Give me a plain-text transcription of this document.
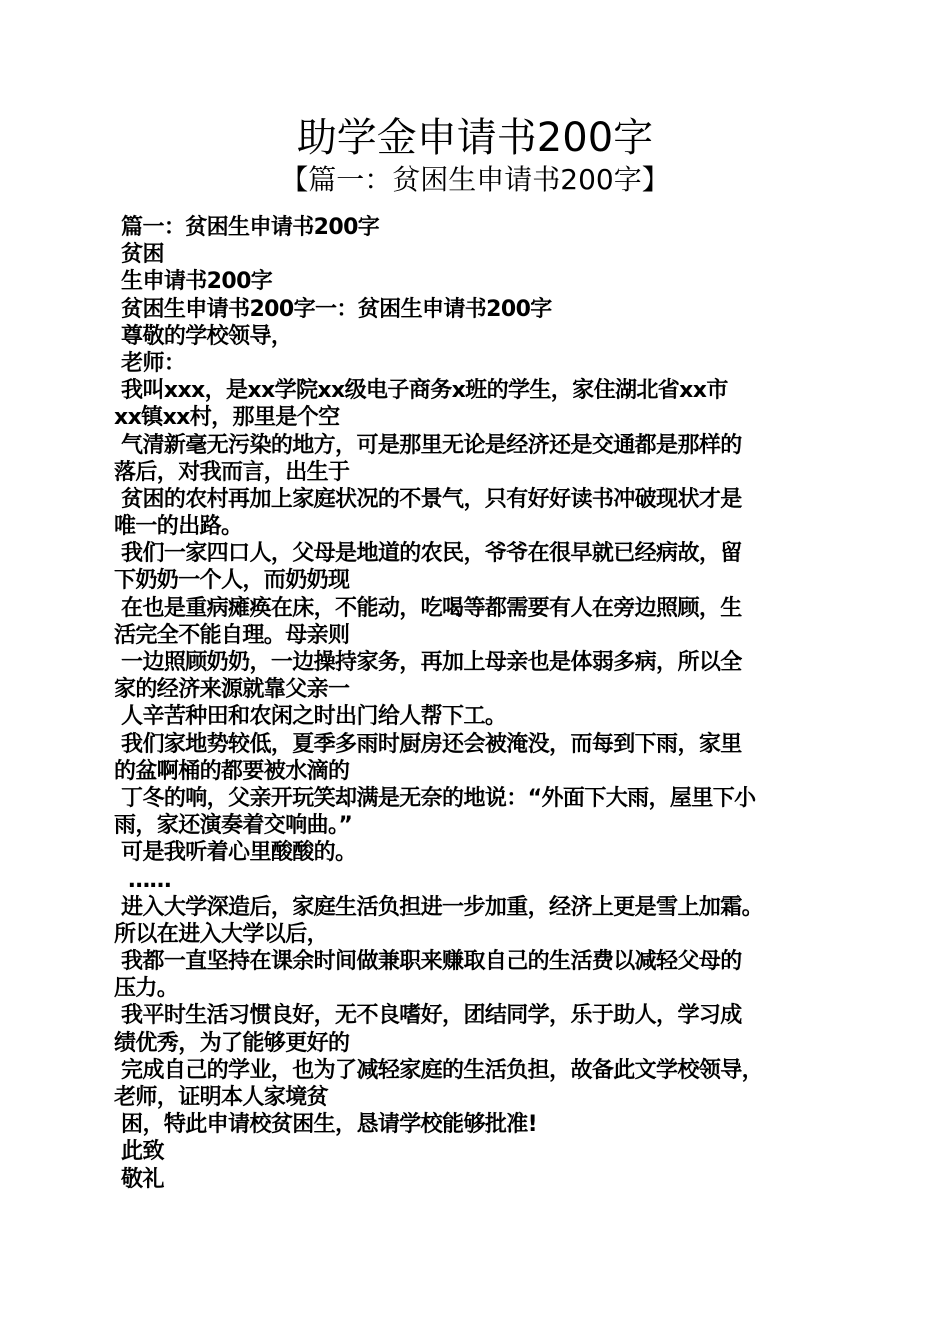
助学金申请书200字
【篇一：贫困生申请书200字】
篇一：贫困生申请书200字
贫困
生申请书200字
贫困生申请书200字一：贫困生申请书200字
尊敬的学校领导，
老师：
我叫xxx，是xx学院xx级电子商务x班的学生，家住湖北省xx市
xx镇xx村，那里是个空
气清新毫无污染的地方，可是那里无论是经济还是交通都是那样的
落后，对我而言，出生于
贫困的农村再加上家庭状况的不景气，只有好好读书冲破现状才是
唯一的出路。
我们一家四口人，父母是地道的农民，爷爷在很早就已经病故，留
下奶奶一个人，而奶奶现
在也是重病瘫痪在床，不能动，吃喝等都需要有人在旁边照顾，生
活完全不能自理。母亲则
一边照顾奶奶，一边操持家务，再加上母亲也是体弱多病，所以全
家的经济来源就靠父亲一
人辛苦种田和农闲之时出门给人帮下工。
我们家地势较低，夏季多雨时厨房还会被淹没，而每到下雨，家里
的盆啊桶的都要被水滴的
丁冬的响，父亲开玩笑却满是无奈的地说：“外面下大雨，屋里下小
雨，家还演奏着交响曲。”
可是我听着心里酸酸的。
……
进入大学深造后，家庭生活负担进一步加重，经济上更是雪上加霜。
所以在进入大学以后，
我都一直坚持在课余时间做兼职来赚取自己的生活费以减轻父母的
压力。
我平时生活习惯良好，无不良嗜好，团结同学，乐于助人，学习成
绩优秀，为了能够更好的
完成自己的学业，也为了减轻家庭的生活负担，故备此文学校领导，
老师，证明本人家境贫
困，特此申请校贫困生，恳请学校能够批准!
此致
敬礼
